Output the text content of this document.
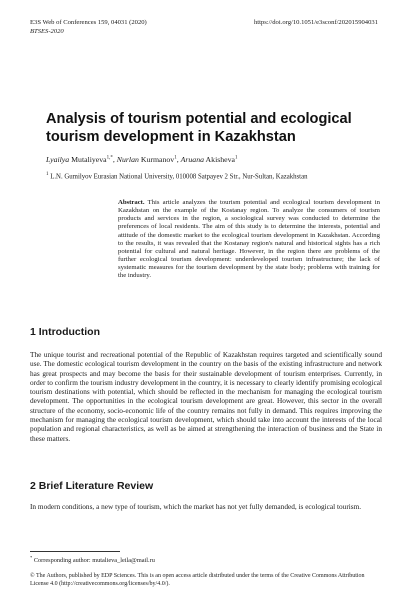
E3S Web of Conferences 159, 04031 (2020)
BTSES-2020
https://doi.org/10.1051/e3sconf/202015904031
Analysis of tourism potential and ecological tourism development in Kazakhstan
Lyailya Mutaliyeva$^{1,*}$, Nurlan Kurmanov$^1$, Aruana Akisheva$^1$
$^1$ L.N. Gumilyov Eurasian National University, 010008 Satpayev 2 Str., Nur-Sultan, Kazakhstan
Abstract. This article analyzes the tourism potential and ecological tourism development in Kazakhstan on the example of the Kostanay region. To analyze the consumers of tourism products and services in the region, a sociological survey was conducted to determine the preferences of local residents. The aim of this study is to determine the interests, potential and attitude of the domestic market to the ecological tourism development in Kazakhstan. According to the results, it was revealed that the Kostanay region's natural and historical sights has a rich potential for cultural and natural heritage. However, in the region there are problems of the further ecological tourism development: underdeveloped tourism infrastructure; the lack of systematic measures for the tourism development by the state body; problems with training for the industry.
1 Introduction
The unique tourist and recreational potential of the Republic of Kazakhstan requires targeted and scientifically sound use. The domestic ecological tourism development in the country on the basis of the existing infrastructure and network has great prospects and may become the basis for their sustainable development of tourism enterprises. Currently, in order to confirm the tourism industry development in the country, it is necessary to clearly identify promising ecological tourism destinations with potential, which should be reflected in the mechanism for managing the ecological tourism development. The opportunities in the ecological tourism development are great. However, this sector in the overall structure of the economy, socio-economic life of the country remains not fully in demand. This requires improving the mechanism for managing the ecological tourism development, which should take into account the interests of the local population and regional characteristics, as well as be aimed at strengthening the interaction of business and the State in these matters.
2 Brief Literature Review
In modern conditions, a new type of tourism, which the market has not yet fully demanded, is ecological tourism.
* Corresponding author: mutalieva_leila@mail.ru
© The Authors, published by EDP Sciences. This is an open access article distributed under the terms of the Creative Commons Attribution License 4.0 (http://creativecommons.org/licenses/by/4.0/).
